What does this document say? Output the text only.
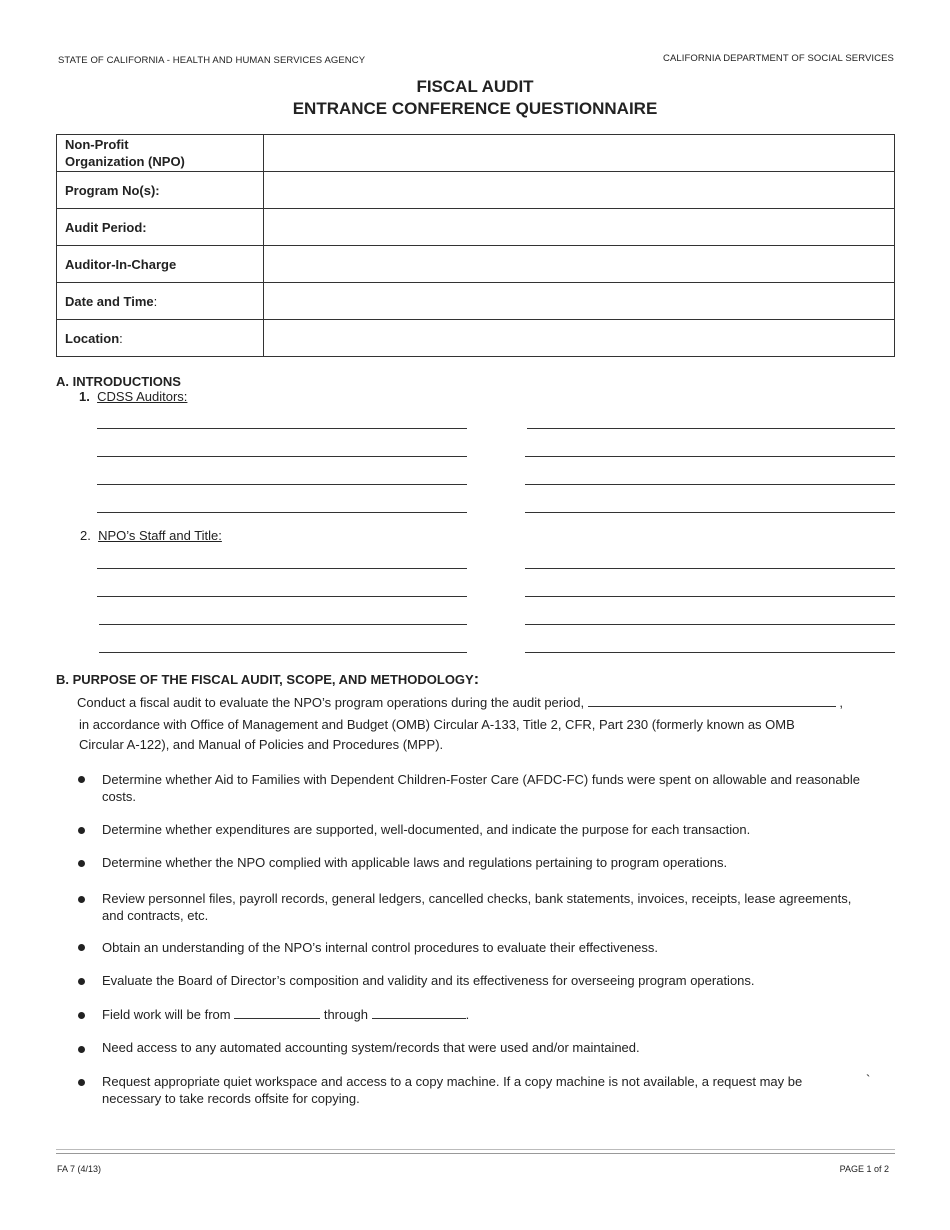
STATE OF CALIFORNIA - HEALTH AND HUMAN SERVICES AGENCY	CALIFORNIA DEPARTMENT OF SOCIAL SERVICES
FISCAL AUDIT
ENTRANCE CONFERENCE QUESTIONNAIRE
Non-Profit
Organization (NPO)	

Program No(s):	
Audit Period:	
Auditor-In-Charge	
Date and Time:	
Location:	
A. INTRODUCTIONS
1. CDSS Auditors:
2. NPO’s Staff and Title:
B. PURPOSE OF THE FISCAL AUDIT, SCOPE, AND METHODOLOGY:
Conduct a fiscal audit to evaluate the NPO’s program operations during the audit period,	,
in accordance with Office of Management and Budget (OMB) Circular A-133, Title 2, CFR, Part 230 (formerly known as OMB
Circular A-122), and Manual of Policies and Procedures (MPP).
Determine whether Aid to Families with Dependent Children-Foster Care (AFDC-FC) funds were spent on allowable and reasonable costs.
Determine whether expenditures are supported, well-documented, and indicate the purpose for each transaction.
Determine whether the NPO complied with applicable laws and regulations pertaining to program operations.
Review personnel files, payroll records, general ledgers, cancelled checks, bank statements, invoices, receipts, lease agreements, and contracts, etc.
Obtain an understanding of the NPO’s internal control procedures to evaluate their effectiveness.
Evaluate the Board of Director’s composition and validity and its effectiveness for overseeing program operations.
Field work will be from	through	.
Need access to any automated accounting system/records that were used and/or maintained.
Request appropriate quiet workspace and access to a copy machine. If a copy machine is not available, a request may be necessary to take records offsite for copying.
`
FA 7 (4/13)	PAGE 1 of 2
